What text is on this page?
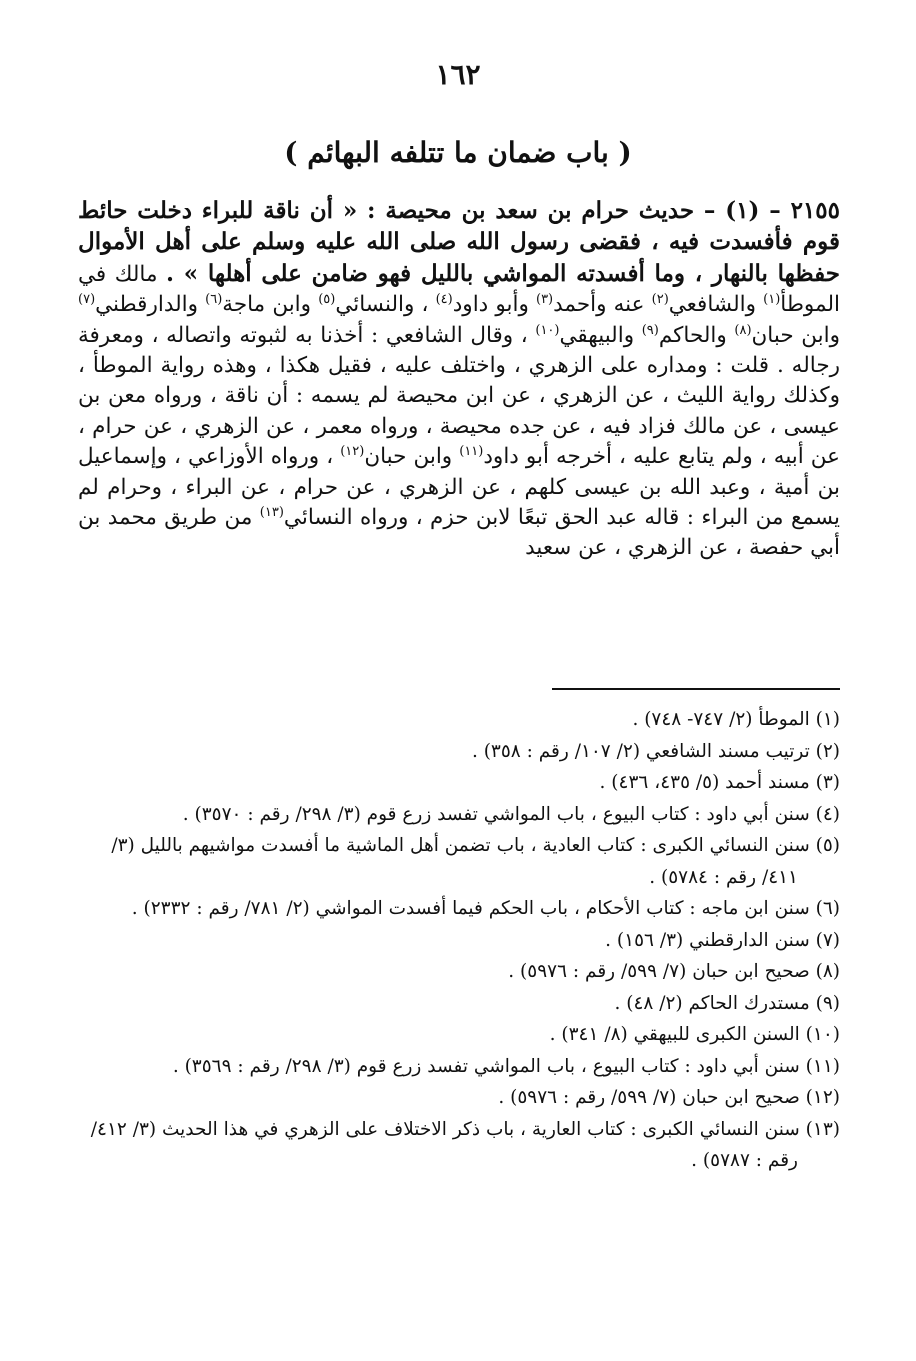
١٦٢
( باب ضمان ما تتلفه البهائم )
٢١٥٥ – (١) – حديث حرام بن سعد بن محيصة : « أن ناقة للبراء دخلت حائط قوم فأفسدت فيه ، فقضى رسول الله صلى الله عليه وسلم على أهل الأموال حفظها بالنهار ، وما أفسدته المواشي بالليل فهو ضامن على أهلها » . مالك في الموطأ$^{(١)}$ والشافعي$^{(٢)}$ عنه وأحمد$^{(٣)}$ وأبو داود$^{(٤)}$ ، والنسائي$^{(٥)}$ وابن ماجة$^{(٦)}$ والدارقطني$^{(٧)}$ وابن حبان$^{(٨)}$ والحاكم$^{(٩)}$ والبيهقي$^{(١٠)}$ ، وقال الشافعي : أخذنا به لثبوته واتصاله ، ومعرفة رجاله . قلت : ومداره على الزهري ، واختلف عليه ، فقيل هكذا ، وهذه رواية الموطأ ، وكذلك رواية الليث ، عن الزهري ، عن ابن محيصة لم يسمه : أن ناقة ، ورواه معن بن عيسى ، عن مالك فزاد فيه ، عن جده محيصة ، ورواه معمر ، عن الزهري ، عن حرام ، عن أبيه ، ولم يتابع عليه ، أخرجه أبو داود$^{(١١)}$ وابن حبان$^{(١٢)}$ ، ورواه الأوزاعي ، وإسماعيل بن أمية ، وعبد الله بن عيسى كلهم ، عن الزهري ، عن حرام ، عن البراء ، وحرام لم يسمع من البراء : قاله عبد الحق تبعًا لابن حزم ، ورواه النسائي$^{(١٣)}$ من طريق محمد بن أبي حفصة ، عن الزهري ، عن سعيد

(١) الموطأ (٢/ ٧٤٧- ٧٤٨) .

(٢) ترتيب مسند الشافعي (٢/ ١٠٧/ رقم : ٣٥٨) .

(٣) مسند أحمد (٥/ ٤٣٥، ٤٣٦) .

(٤) سنن أبي داود : كتاب البيوع ، باب المواشي تفسد زرع قوم (٣/ ٢٩٨/ رقم : ٣٥٧٠) .

(٥) سنن النسائي الكبرى : كتاب العادية ، باب تضمن أهل الماشية ما أفسدت مواشيهم بالليل (٣/ ٤١١/ رقم : ٥٧٨٤) .

(٦) سنن ابن ماجه : كتاب الأحكام ، باب الحكم فيما أفسدت المواشي (٢/ ٧٨١/ رقم : ٢٣٣٢) .

(٧) سنن الدارقطني (٣/ ١٥٦) .

(٨) صحيح ابن حبان (٧/ ٥٩٩/ رقم : ٥٩٧٦) .

(٩) مستدرك الحاكم (٢/ ٤٨) .

(١٠) السنن الكبرى للبيهقي (٨/ ٣٤١) .

(١١) سنن أبي داود : كتاب البيوع ، باب المواشي تفسد زرع قوم (٣/ ٢٩٨/ رقم : ٣٥٦٩) .

(١٢) صحيح ابن حبان (٧/ ٥٩٩/ رقم : ٥٩٧٦) .

(١٣) سنن النسائي الكبرى : كتاب العارية ، باب ذكر الاختلاف على الزهري في هذا الحديث (٣/ ٤١٢/ رقم : ٥٧٨٧) .
